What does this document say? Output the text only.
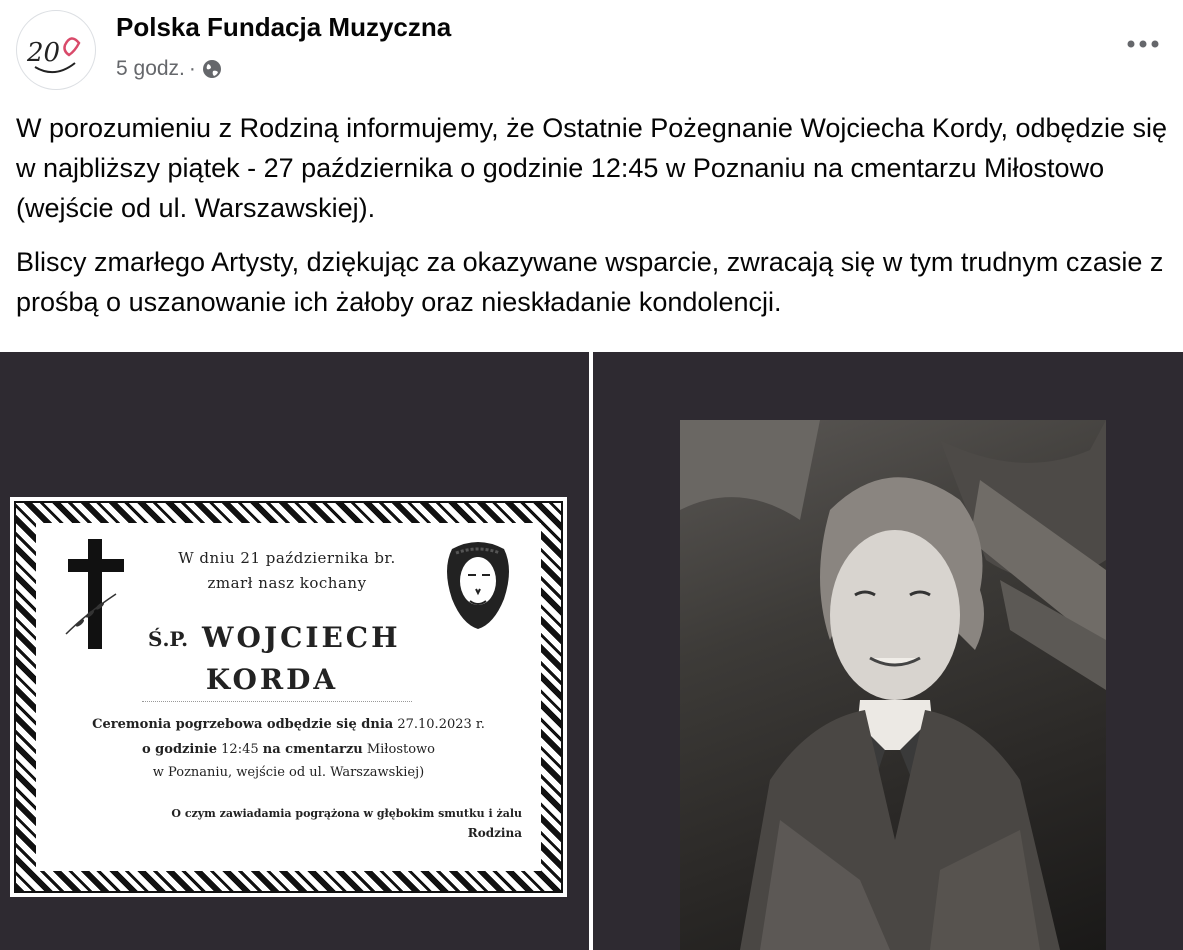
20
Polska Fundacja Muzyczna
5 godz. ·

W porozumieniu z Rodziną informujemy, że Ostatnie Pożegnanie Wojciecha Kordy, odbędzie się w najbliższy piątek - 27 października o godzinie 12:45 w Poznaniu na cmentarzu Miłostowo (wejście od ul. Warszawskiej).

Bliscy zmarłego Artysty, dziękując za okazywane wsparcie, zwracają się w tym trudnym czasie z prośbą o uszanowanie ich żałoby oraz nieskładanie kondolencji.

W dniu 21 października br.
zmarł nasz kochany
Ś.P. WOJCIECH
KORDA
Ceremonia pogrzebowa odbędzie się dnia 27.10.2023 r.
o godzinie 12:45 na cmentarzu Miłostowo
w Poznaniu, wejście od ul. Warszawskiej)
O czym zawiadamia pogrążona w głębokim smutku i żalu
Rodzina
